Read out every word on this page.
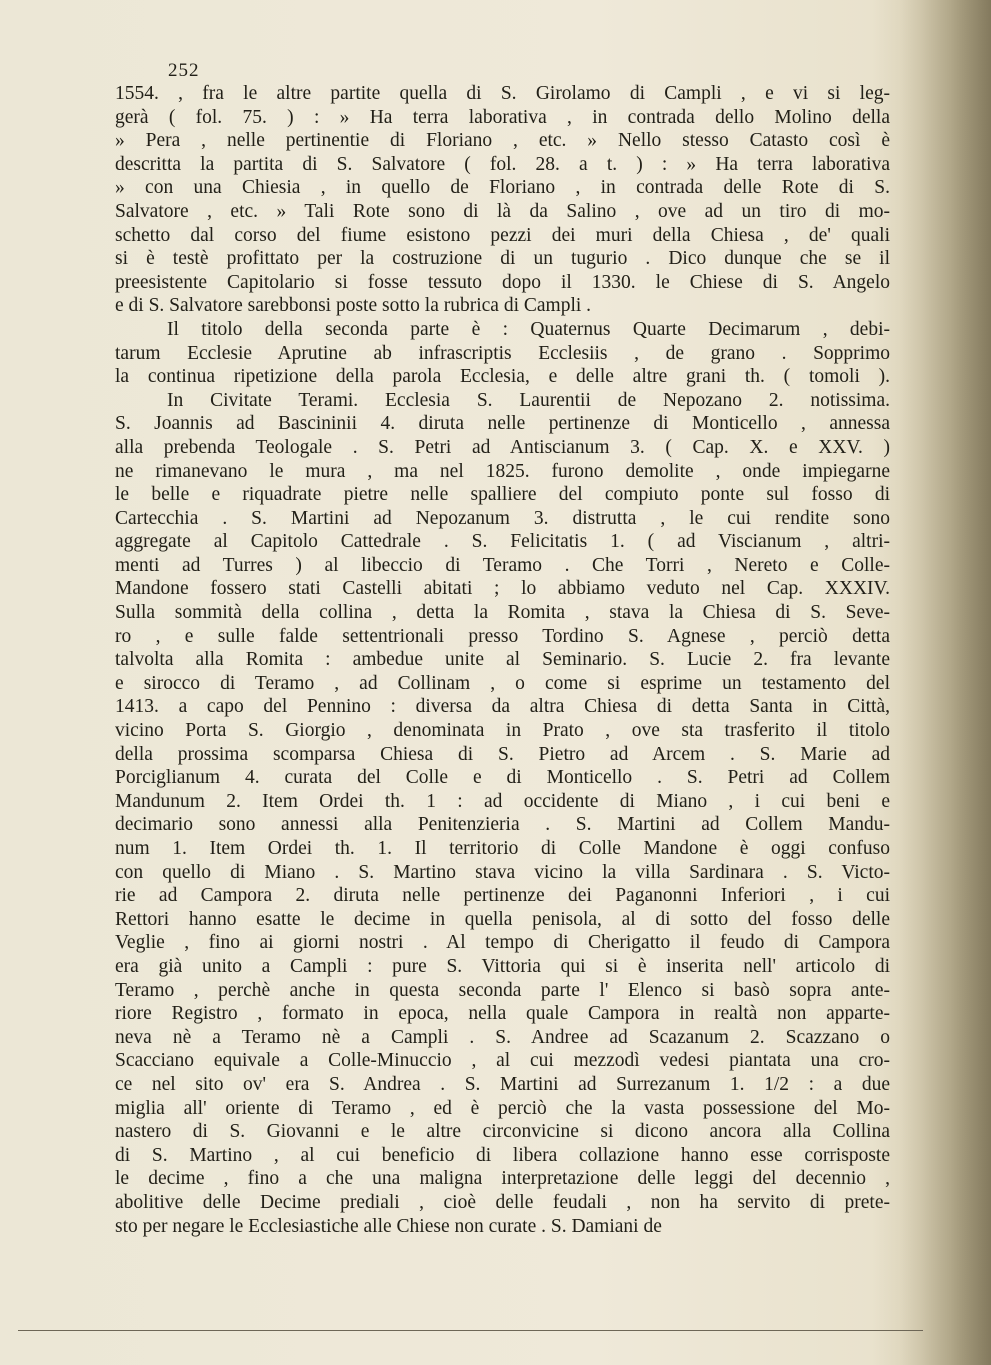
252
1554. , fra le altre partite quella di S. Girolamo di Campli , e vi si leg-
gerà ( fol. 75. ) : » Ha terra laborativa , in contrada dello Molino della
» Pera , nelle pertinentie di Floriano , etc. » Nello stesso Catasto così è
descritta la partita di S. Salvatore ( fol. 28. a t. ) : » Ha terra laborativa
» con una Chiesia , in quello de Floriano , in contrada delle Rote di S.
Salvatore , etc. » Tali Rote sono di là da Salino , ove ad un tiro di mo-
schetto dal corso del fiume esistono pezzi dei muri della Chiesa , de' quali
si è testè profittato per la costruzione di un tugurio . Dico dunque che se il
preesistente Capitolario si fosse tessuto dopo il 1330. le Chiese di S. Angelo
e di S. Salvatore sarebbonsi poste sotto la rubrica di Campli .
Il titolo della seconda parte è : Quaternus Quarte Decimarum , debi-
tarum Ecclesie Aprutine ab infrascriptis Ecclesiis , de grano . Sopprimo
la continua ripetizione della parola Ecclesia, e delle altre grani th. ( tomoli ).
In Civitate Terami. Ecclesia S. Laurentii de Nepozano 2. notissima.
S. Joannis ad Bascininii 4. diruta nelle pertinenze di Monticello , annessa
alla prebenda Teologale . S. Petri ad Antiscianum 3. ( Cap. X. e XXV. )
ne rimanevano le mura , ma nel 1825. furono demolite , onde impiegarne
le belle e riquadrate pietre nelle spalliere del compiuto ponte sul fosso di
Cartecchia . S. Martini ad Nepozanum 3. distrutta , le cui rendite sono
aggregate al Capitolo Cattedrale . S. Felicitatis 1. ( ad Viscianum , altri-
menti ad Turres ) al libeccio di Teramo . Che Torri , Nereto e Colle-
Mandone fossero stati Castelli abitati ; lo abbiamo veduto nel Cap. XXXIV.
Sulla sommità della collina , detta la Romita , stava la Chiesa di S. Seve-
ro , e sulle falde settentrionali presso Tordino S. Agnese , perciò detta
talvolta alla Romita : ambedue unite al Seminario. S. Lucie 2. fra levante
e sirocco di Teramo , ad Collinam , o come si esprime un testamento del
1413. a capo del Pennino : diversa da altra Chiesa di detta Santa in Città,
vicino Porta S. Giorgio , denominata in Prato , ove sta trasferito il titolo
della prossima scomparsa Chiesa di S. Pietro ad Arcem . S. Marie ad
Porciglianum 4. curata del Colle e di Monticello . S. Petri ad Collem
Mandunum 2. Item Ordei th. 1 : ad occidente di Miano , i cui beni e
decimario sono annessi alla Penitenzieria . S. Martini ad Collem Mandu-
num 1. Item Ordei th. 1. Il territorio di Colle Mandone è oggi confuso
con quello di Miano . S. Martino stava vicino la villa Sardinara . S. Victo-
rie ad Campora 2. diruta nelle pertinenze dei Paganonni Inferiori , i cui
Rettori hanno esatte le decime in quella penisola, al di sotto del fosso delle
Veglie , fino ai giorni nostri . Al tempo di Cherigatto il feudo di Campora
era già unito a Campli : pure S. Vittoria qui si è inserita nell' articolo di
Teramo , perchè anche in questa seconda parte l' Elenco si basò sopra ante-
riore Registro , formato in epoca, nella quale Campora in realtà non apparte-
neva nè a Teramo nè a Campli . S. Andree ad Scazanum 2. Scazzano o
Scacciano equivale a Colle-Minuccio , al cui mezzodì vedesi piantata una cro-
ce nel sito ov' era S. Andrea . S. Martini ad Surrezanum 1. 1/2 : a due
miglia all' oriente di Teramo , ed è perciò che la vasta possessione del Mo-
nastero di S. Giovanni e le altre circonvicine si dicono ancora alla Collina
di S. Martino , al cui beneficio di libera collazione hanno esse corrisposte
le decime , fino a che una maligna interpretazione delle leggi del decennio ,
abolitive delle Decime prediali , cioè delle feudali , non ha servito di prete-
sto per negare le Ecclesiastiche alle Chiese non curate . S. Damiani de
